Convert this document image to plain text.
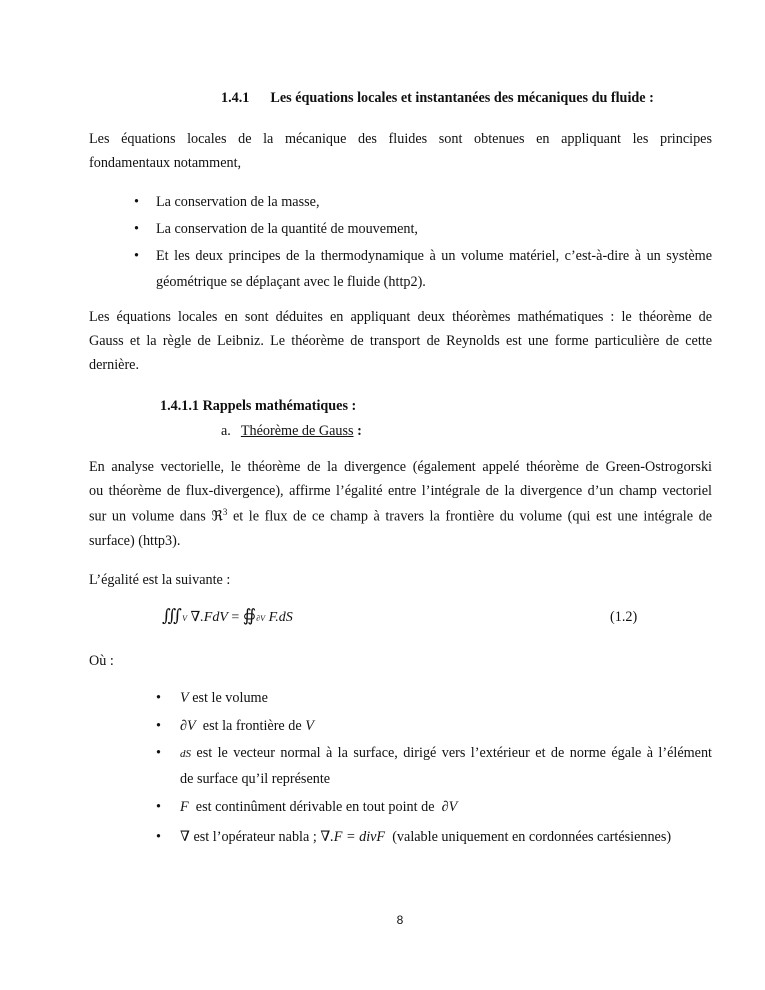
1.4.1 Les équations locales et instantanées des mécaniques du fluide :
Les équations locales de la mécanique des fluides sont obtenues en appliquant les principes
fondamentaux notamment,
• La conservation de la masse,
• La conservation de la quantité de mouvement,
• Et les deux principes de la thermodynamique à un volume matériel, c’est-à-dire à un système
géométrique se déplaçant avec le fluide (http2).
Les équations locales en sont déduites en appliquant deux théorèmes mathématiques : le théorème de
Gauss et la règle de Leibniz. Le théorème de transport de Reynolds est une forme particulière de cette
dernière.
1.4.1.1 Rappels mathématiques :
a. Théorème de Gauss :
En analyse vectorielle, le théorème de la divergence (également appelé théorème de Green-Ostrogorski
ou théorème de flux-divergence), affirme l’égalité entre l’intégrale de la divergence d’un champ vectoriel
sur un volume dans ℜ$^3$ et le flux de ce champ à travers la frontière du volume (qui est une intégrale de
surface) (http3).
L’égalité est la suivante :
∭V ∇.FdV = ∯∂V F.dS	(1.2)
Où :
• V est le volume
• ∂V  est la frontière de V
• dS est le vecteur normal à la surface, dirigé vers l’extérieur et de norme égale à l’élément
de surface qu’il représente
• F  est continûment dérivable en tout point de  ∂V
• ∇ est l’opérateur nabla ; ∇.F = divF  (valable uniquement en cordonnées cartésiennes)
8
